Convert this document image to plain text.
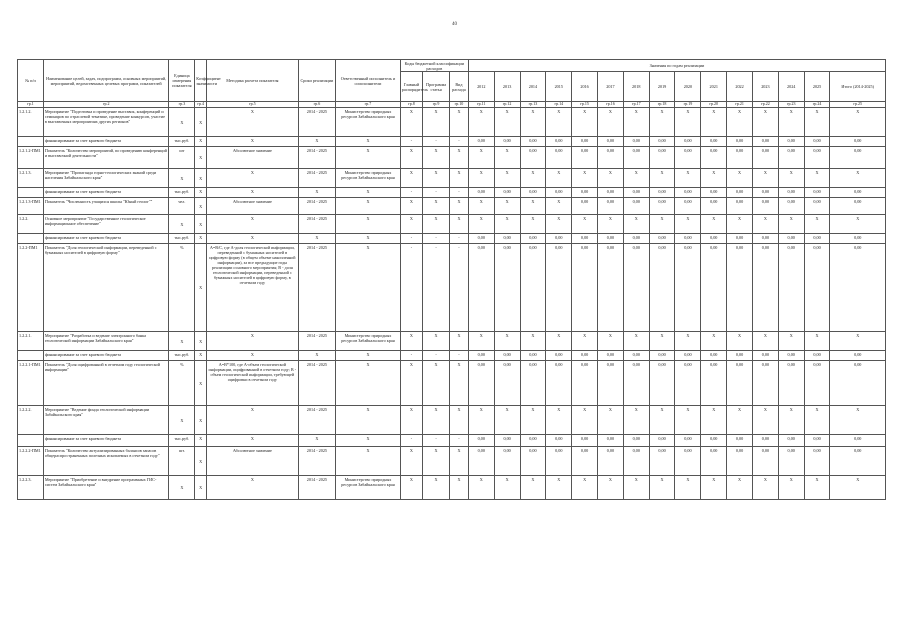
40
№ п/п	Наименование целей, задач, подпрограмм, основных мероприятий, мероприятий, ведомственных целевых программ, показателей	Единица измерения показателя	Коэффициент значимости	Методика расчета показателя	Сроки реализации	Ответственный исполнитель и соисполнители	Коды бюджетной классификации расходов			Значения по годам реализации														
							Главный распорядитель	Программа статья	Вид расхода	2012	2013	2014	2015	2016	2017	2018	2019	2020	2021	2022	2023	2024	2025	Итого (2014-2025)
гр.1	гр.2	гр.3	гр.4	гр.5	гр.6	гр.7	гр.8	гр.9	гр.10	гр.11	гр.12	гр.13	гр.14	гр.15	гр.16	гр.17	гр.18	гр.19	гр.20	гр.21	гр.22	гр.23	гр.24	гр.25
1.2.1.2.	Мероприятие "Подготовка и проведение выставок, конференций и семинаров по отраслевой тематике, проведение конкурсов, участие в выставочных мероприятиях других регионов"	Х	Х	Х	2014 - 2025	Министерство природных ресурсов Забайкальского края	Х	Х	Х	Х	Х	Х	Х	Х	Х	Х	Х	Х	Х	Х	Х	Х	Х	Х
	финансирование за счет краевого бюджета	тыс.руб.	Х	Х	Х	Х	-	-	-	0,00	0,00	0,00	0,00	0,00	0,00	0,00	0,00	0,00	0,00	0,00	0,00	0,00	0,00	0,00
1.2.1.2-ПМ1	Показатель "Количество мероприятий, по проведению конференций и выставочной деятельности"	шт	Х	Абсолютное значение	2014 - 2025	Х	Х	Х	Х	Х	Х	0,00	0,00	0,00	0,00	0,00	0,00	0,00	0,00	0,00	0,00	0,00	0,00	0,00
1.2.1.3.	Мероприятие "Пропаганда горно-геологических знаний среди населения Забайкальского края"	Х	Х	Х	2014 - 2025	Министерство природных ресурсов Забайкальского края	Х	Х	Х	Х	Х	Х	Х	Х	Х	Х	Х	Х	Х	Х	Х	Х	Х	Х
	финансирование за счет краевого бюджета	тыс.руб.	Х	Х	Х	Х	-	-	-	0,00	0,00	0,00	0,00	0,00	0,00	0,00	0,00	0,00	0,00	0,00	0,00	0,00	0,00	0,00
1.2.1.3-ПМ1	Показатель "Численность учащихся школы "Юный геолог""	чел.	Х	Абсолютное значение	2014 - 2025	Х	Х	Х	Х	Х	Х	Х	Х	0,00	0,00	0,00	0,00	0,00	0,00	0,00	0,00	0,00	0,00	0,00
1.2.2.	Основное мероприятие "Государственное геологическое информационное обеспечение"	Х	Х	Х	2014 - 2025	Х	Х	Х	Х	Х	Х	Х	Х	Х	Х	Х	Х	Х	Х	Х	Х	Х	Х	Х
	финансирование за счет краевого бюджета	тыс.руб.	Х	Х	Х	Х	-	-	-	0,00	0,00	0,00	0,00	0,00	0,00	0,00	0,00	0,00	0,00	0,00	0,00	0,00	0,00	0,00
1.2.2-ПМ1	Показатель "Доля геологической информации, переведенной с бумажных носителей в цифровую форму"	%	Х	А=В/С, где А-доля геологической информации, переведенной с бумажных носителей в цифровую форму (в общем объеме накопленной информации), за все предыдущие годы реализации основного мероприятия; В - доля геологической информации, переведенной с бумажных носителей в цифровую форму, в отчетном году	2014 - 2025	Х	-	-	-	0,00	0,00	0,00	0,00	0,00	0,00	0,00	0,00	0,00	0,00	0,00	0,00	0,00	0,00	0,00
1.2.2.1.	Мероприятие "Разработка и ведение электронного банка геологической информации Забайкальского края"	Х	Х	Х	2014 - 2025	Министерство природных ресурсов Забайкальского края	Х	Х	Х	Х	Х	Х	Х	Х	Х	Х	Х	Х	Х	Х	Х	Х	Х	Х
	финансирование за счет краевого бюджета	тыс.руб.	Х	Х	Х	Х	-	-	-	0,00	0,00	0,00	0,00	0,00	0,00	0,00	0,00	0,00	0,00	0,00	0,00	0,00	0,00	0,00
1.2.2.1-ПМ1	Показатель "Доля оцифрованной в отчетном году геологической информации"	%	Х	А=В*100, где А-объем геологической информации, оцифрованной в отчетном году; В - объем геологической информации, требующей оцифровки в отчетном году	2014 - 2025	Х	Х	Х	Х	0,00	0,00	0,00	0,00	0,00	0,00	0,00	0,00	0,00	0,00	0,00	0,00	0,00	0,00	0,00
1.2.2.2.	Мероприятие "Ведение фонда геологической информации Забайкальского края"	Х	Х	Х	2014 - 2025	Х	Х	Х	Х	Х	Х	Х	Х	Х	Х	Х	Х	Х	Х	Х	Х	Х	Х	Х
	финансирование за счет краевого бюджета	тыс.руб.	Х	Х	Х	Х	-	-	-	0,00	0,00	0,00	0,00	0,00	0,00	0,00	0,00	0,00	0,00	0,00	0,00	0,00	0,00	0,00
1.2.2.2-ПМ1	Показатель "Количество актуализированных балансов запасов общераспространенных полезных ископаемых в отчетном году"	шт.	Х	Абсолютное значение	2014 - 2025	Х	Х	Х	Х	0,00	0,00	0,00	0,00	0,00	0,00	0,00	0,00	0,00	0,00	0,00	0,00	0,00	0,00	0,00
1.2.2.3.	Мероприятие "Приобретение и внедрение программных ГИС-систем Забайкальского края"	Х	Х	Х	2014 - 2025	Министерство природных ресурсов Забайкальского края	Х	Х	Х	Х	Х	Х	Х	Х	Х	Х	Х	Х	Х	Х	Х	Х	Х	Х
